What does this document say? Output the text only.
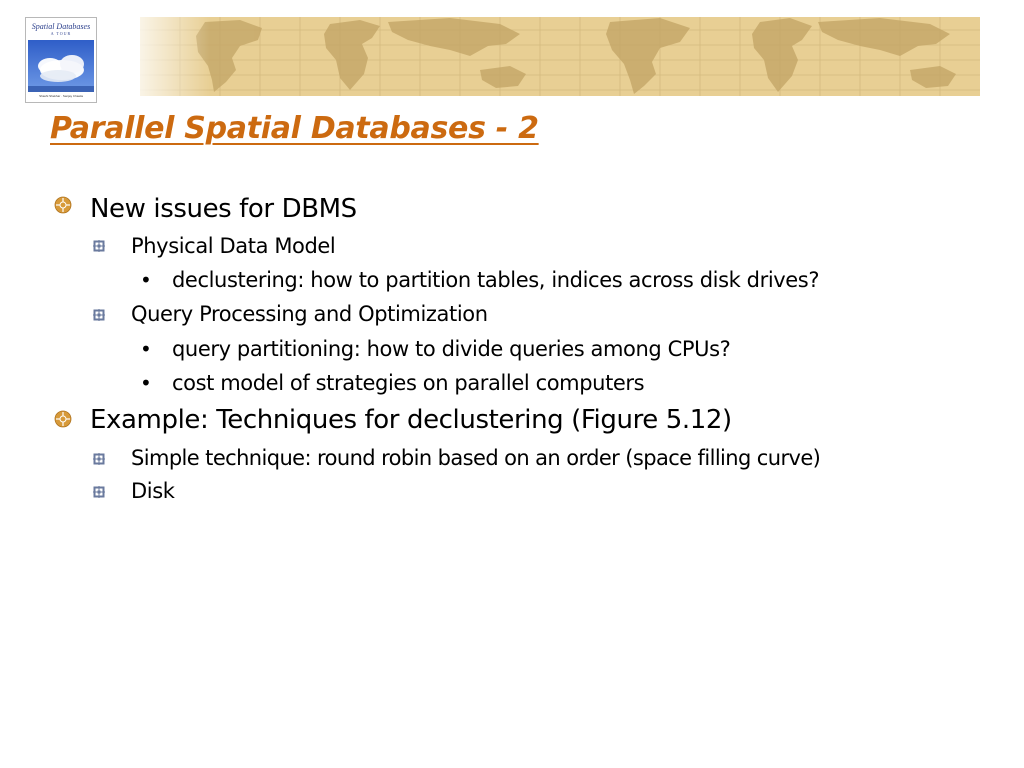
Spatial Databases
A TOUR
Shashi Shekhar · Sanjay Chawla
Parallel Spatial Databases - 2
New issues for DBMS
Physical Data Model
• declustering: how to partition tables, indices across disk drives?
Query Processing and Optimization
• query partitioning: how to divide queries among CPUs?
• cost model of strategies on parallel computers
Example: Techniques for declustering (Figure 5.12)
Simple technique: round robin based on an order (space filling curve)
Disk
